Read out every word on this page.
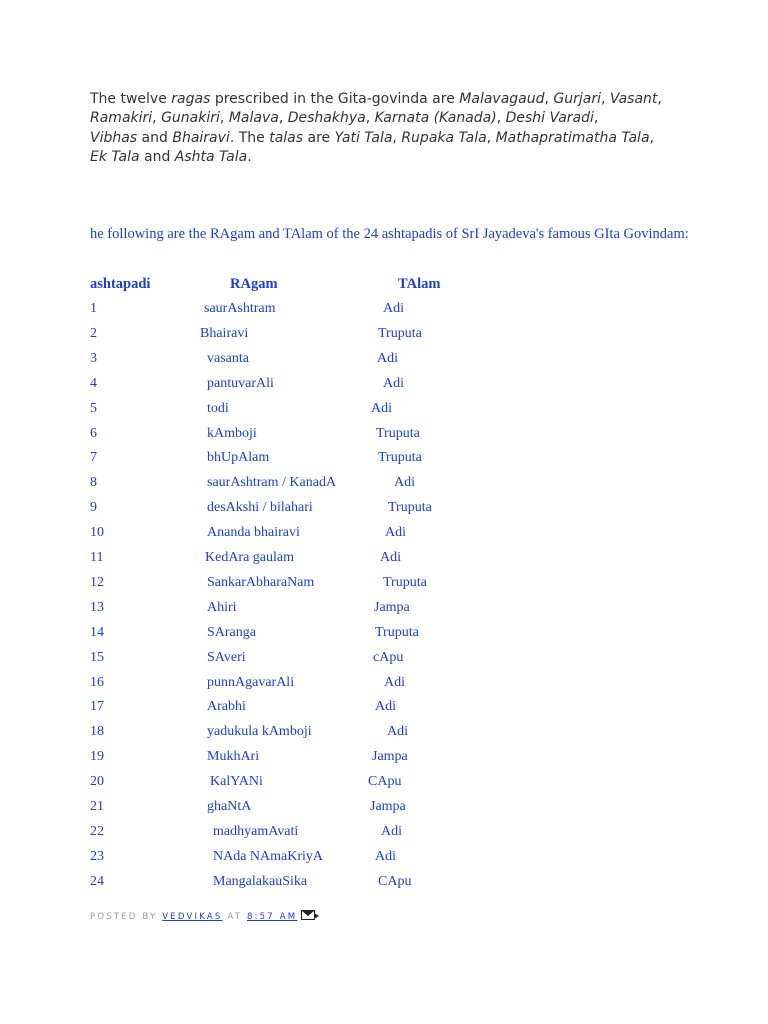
The twelve ragas prescribed in the Gita-govinda are Malavagaud, Gurjari, Vasant,

Ramakiri, Gunakiri, Malava, Deshakhya, Karnata (Kanada), Deshi Varadi,

Vibhas and Bhairavi. The talas are Yati Tala, Rupaka Tala, Mathapratimatha Tala,

Ek Tala and Ashta Tala.

he following are the RAgam and TAlam of the 24 ashtapadis of SrI Jayadeva's famous GIta Govindam:
ashtapadi	RAgam	TAlam
1	saurAshtram	Adi
2	Bhairavi	Truputa
3	vasanta	Adi
4	pantuvarAli	Adi
5	todi	Adi
6	kAmboji	Truputa
7	bhUpAlam	Truputa
8	saurAshtram / KanadA	Adi
9	desAkshi / bilahari	Truputa
10	Ananda bhairavi	Adi
11	KedAra gaulam	Adi
12	SankarAbharaNam	Truputa
13	Ahiri	Jampa
14	SAranga	Truputa
15	SAveri	cApu
16	punnAgavarAli	Adi
17	Arabhi	Adi
18	yadukula kAmboji	Adi
19	MukhAri	Jampa
20	KalYANi	CApu
21	ghaNtA	Jampa
22	madhyamAvati	Adi
23	NAda NAmaKriyA	Adi
24	MangalakauSika	CApu
POSTED BY VEDVIKAS AT 8:57 AM
